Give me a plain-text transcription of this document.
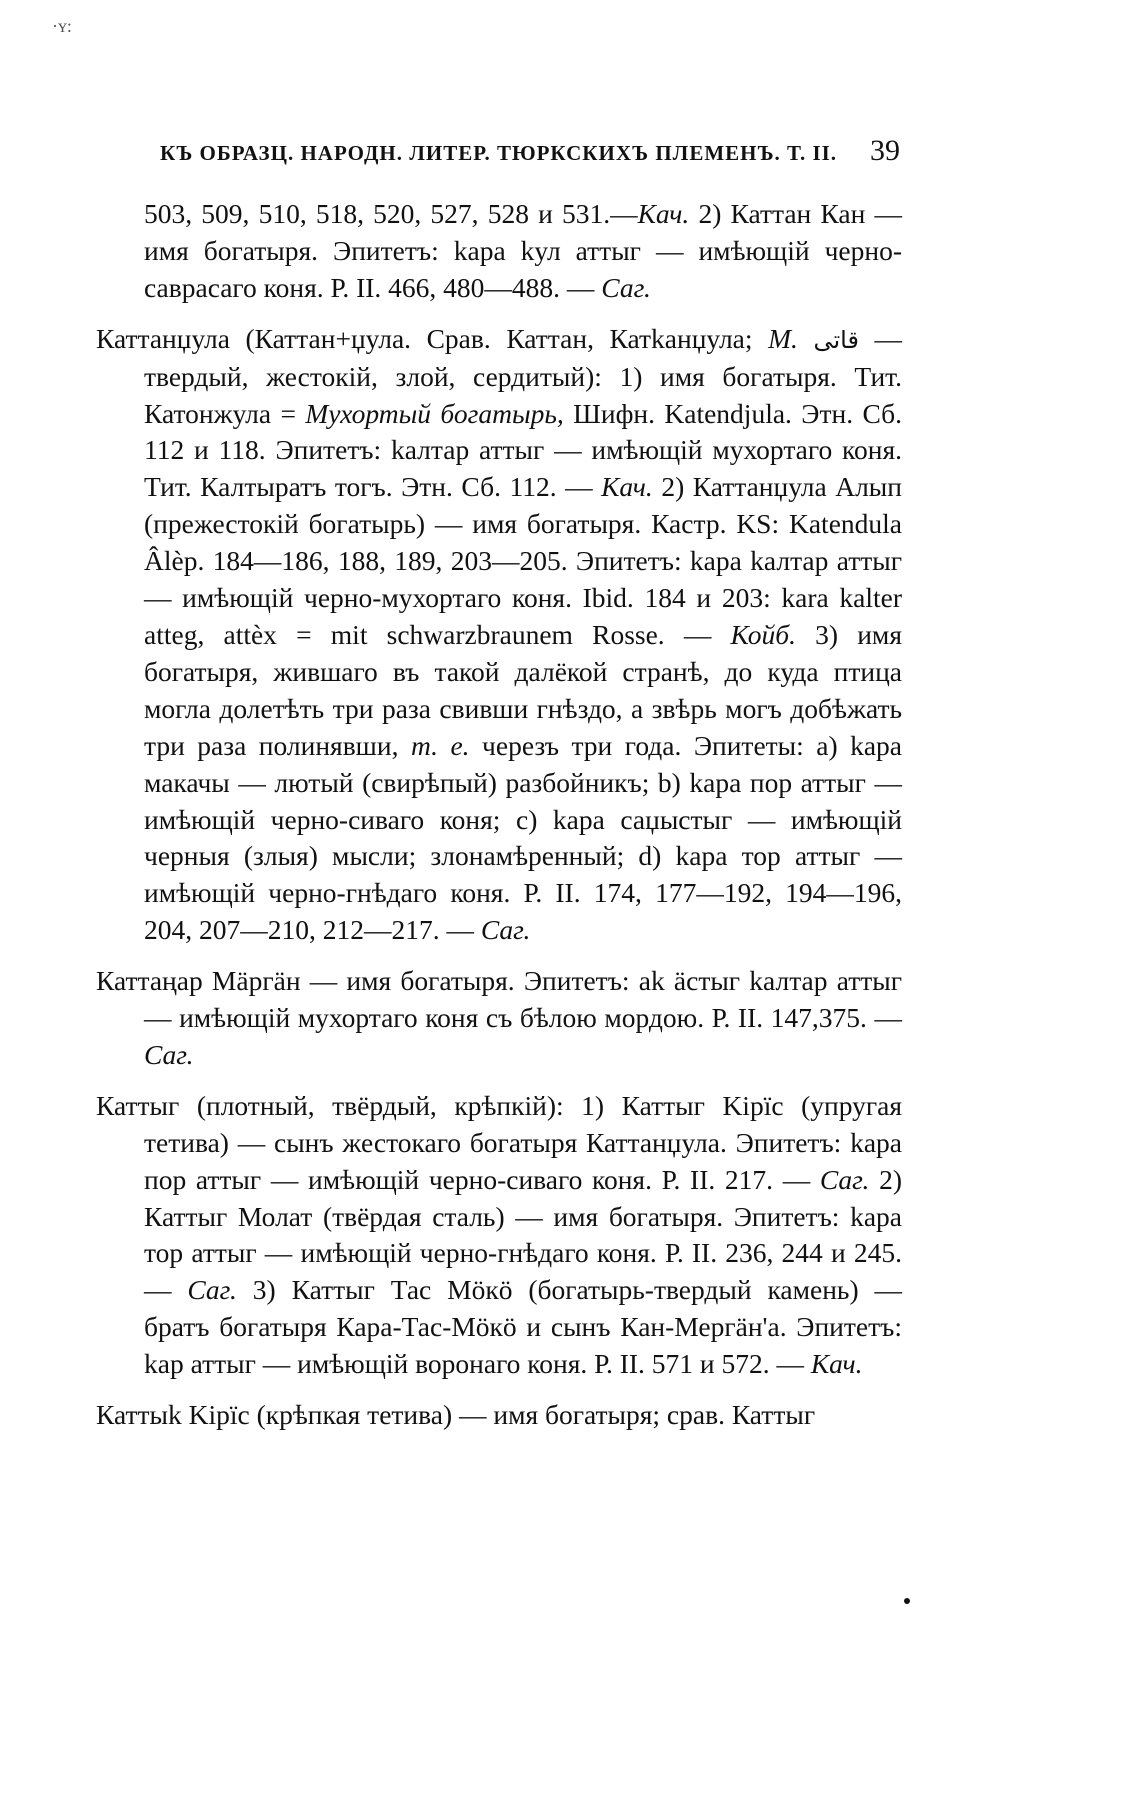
·ʏ:
КЪ ОБРАЗЦ. НАРОДН. ЛИТЕР. ТЮРКСКИХЪ ПЛЕМЕНЪ. Т. II. 39

503, 509, 510, 518, 520, 527, 528 и 531.—Кач. 2) Каттан Кан — имя богатыря. Эпитетъ: kара kул аттыг — имѣющій черно-саврасаго коня. Р. II. 466, 480—488. — Саг.

Каттанџула (Каттан+џула. Срав. Каттан, Катkанџула; М. قاتى — твердый, жестокій, злой, сердитый): 1) имя богатыря. Тит. Катонжула = Мухортый богатырь, Шифн. Katendjula. Этн. Сб. 112 и 118. Эпитетъ: kалтар аттыг — имѣющій мухортаго коня. Тит. Калтыратъ тогъ. Этн. Сб. 112. — Кач. 2) Каттанџула Алып (прежестокій богатырь) — имя богатыря. Кастр. KS: Katendula Âlèp. 184—186, 188, 189, 203—205. Эпитетъ: kара kалтар аттыг — имѣющій черно-мухортаго коня. Ibid. 184 и 203: kara kalter atteg, attèx = mit schwarzbraunem Rosse. — Койб. 3) имя богатыря, жившаго въ такой далёкой странѣ, до куда птица могла долетѣть три раза свивши гнѣздо, а звѣрь могъ добѣжать три раза полинявши, т. е. черезъ три года. Эпитеты: a) kара макачы — лютый (свирѣпый) разбойникъ; b) kара пор аттыг — имѣющій черно-сиваго коня; c) kара саџыстыг — имѣющій черныя (злыя) мысли; злонамѣренный; d) kара тор аттыг — имѣющій черно-гнѣдаго коня. Р. II. 174, 177—192, 194—196, 204, 207—210, 212—217. — Саг.

Каттаңар Мäргäн — имя богатыря. Эпитетъ: ak äстыг kалтар аттыг — имѣющій мухортаго коня съ бѣлою мордою. Р. II. 147,375. — Саг.

Каттыг (плотный, твёрдый, крѣпкій): 1) Каттыг Kiрïс (упругая тетива) — сынъ жестокаго богатыря Каттанџула. Эпитетъ: kара пор аттыг — имѣющій черно-сиваго коня. Р. II. 217. — Саг. 2) Каттыг Молат (твёрдая сталь) — имя богатыря. Эпитетъ: kара тор аттыг — имѣющій черно-гнѣдаго коня. Р. II. 236, 244 и 245. — Саг. 3) Каттыг Тас Мöкö (богатырь-твердый камень) — братъ богатыря Кара-Тас-Мöкö и сынъ Кан-Мергäн'а. Эпитетъ: kар аттыг — имѣющій воронаго коня. Р. II. 571 и 572. — Кач.

Каттыk Kiрïс (крѣпкая тетива) — имя богатыря; срав. Каттыг
